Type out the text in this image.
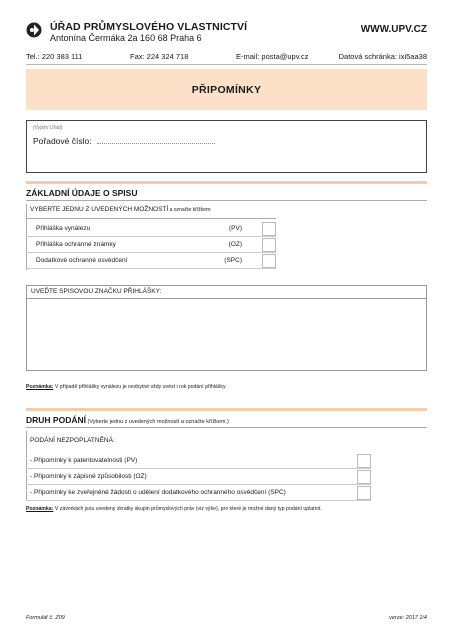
ÚŘAD PRŮMYSLOVÉHO VLASTNICTVÍ
Antonína Čermáka 2a 160 68 Praha 6
WWW.UPV.CZ
Tel.: 220 383 111	Fax: 224 324 718	E-mail: posta@upv.cz	Datová schránka: ixi5aa38
PŘIPOMÍNKY
(Vyplní Úřad)
Pořadové číslo:
ZÁKLADNÍ ÚDAJE O SPISU
VYBERTE JEDNU Z UVEDENÝCH MOŽNOSTÍ a označte křížkem:
Přihláška vynálezu	(PV)
Přihláška ochranné známky	(OZ)
Dodatkové ochranné osvědčení	(SPC)
UVEĎTE SPISOVOU ZNAČKU PŘIHLÁŠKY:
Poznámka: V případě přihlášky vynálezu je nezbytné vždy uvést i rok podání přihlášky.
DRUH PODÁNÍ (Vyberte jednu z uvedených možností a označte křížkem.)
PODÁNÍ NEZPOPLATNĚNÁ:
- Připomínky k patentovatelnosti (PV)
- Připomínky k zápisné způsobilosti (OZ)
- Připomínky ke zveřejněné žádosti o udělení dodatkového ochranného osvědčení (SPC)
Poznámka: V závorkách jsou uvedeny zkratky skupin průmyslových práv (viz výše), pro které je možné daný typ podání uplatnit.
Formulář č. Z09	verze: 2017 1/4
